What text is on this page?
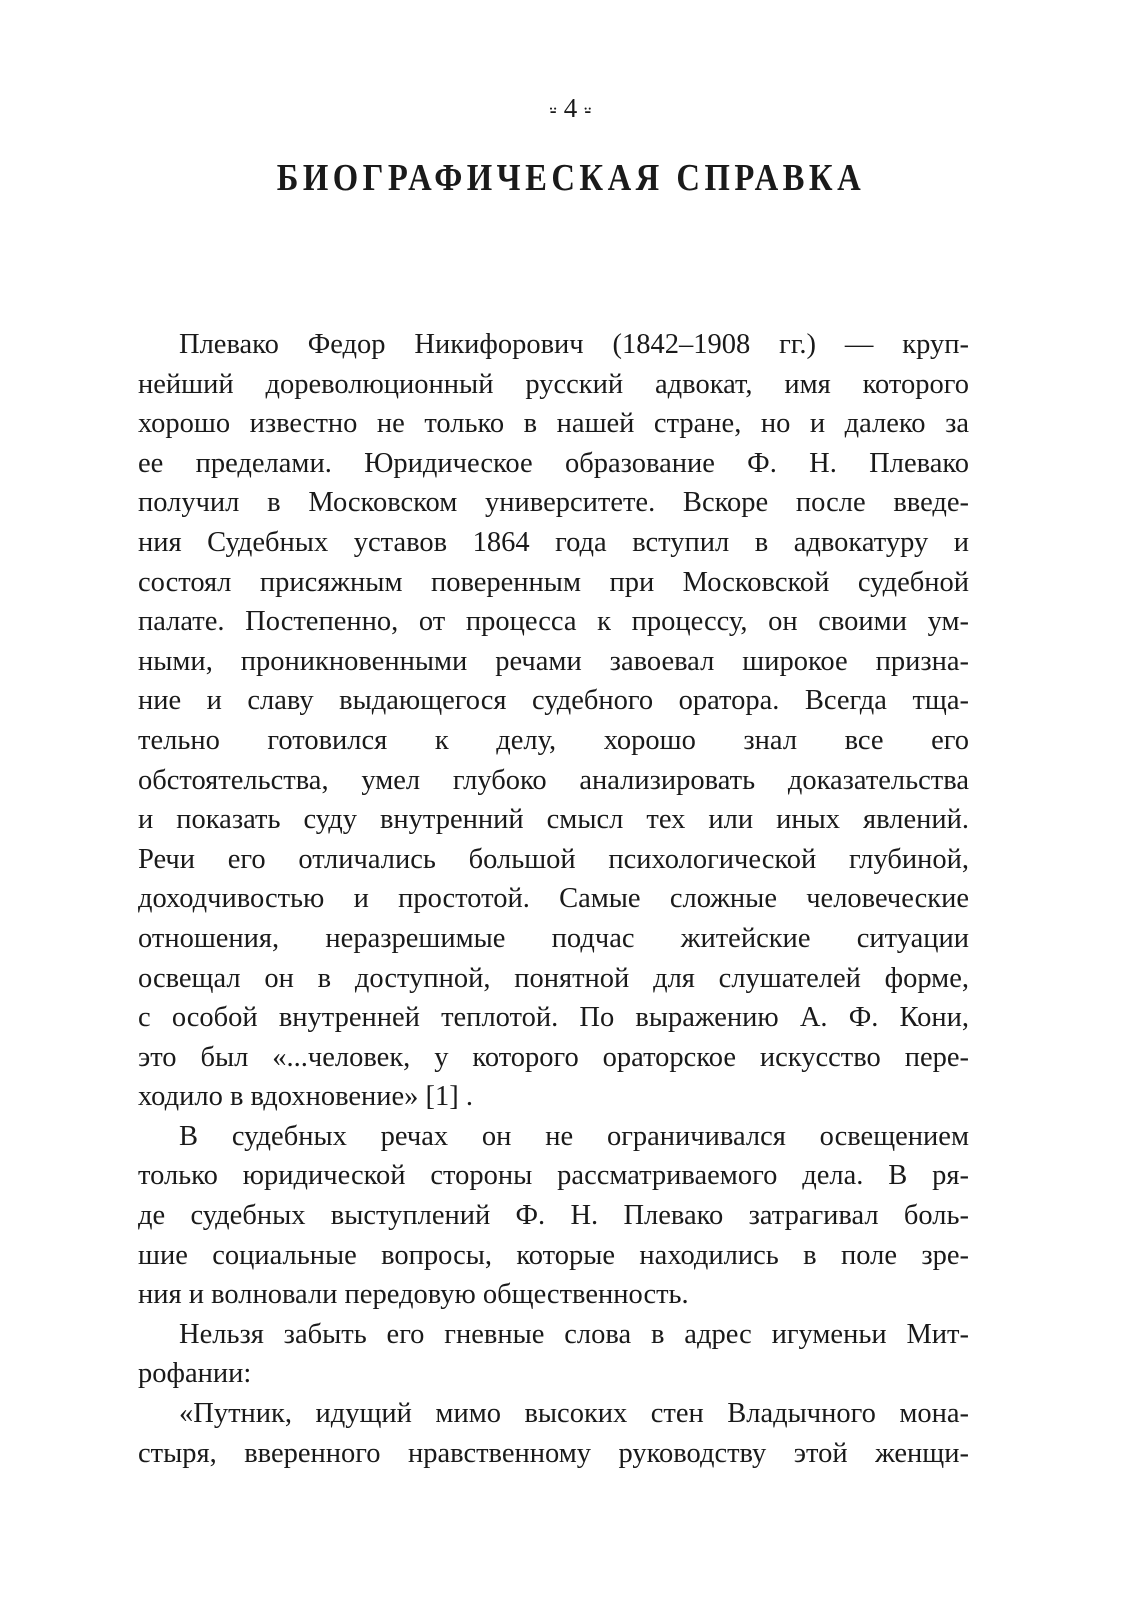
⸚ 4 ⸚
БИОГРАФИЧЕСКАЯ СПРАВКА
Плевако Федор Никифорович (1842–1908 гг.) — круп-
нейший дореволюционный русский адвокат, имя которого
хорошо известно не только в нашей стране, но и далеко за
ее пределами. Юридическое образование Ф. Н. Плевако
получил в Московском университете. Вскоре после введе-
ния Судебных уставов 1864 года вступил в адвокатуру и
состоял присяжным поверенным при Московской судебной
палате. Постепенно, от процесса к процессу, он своими ум-
ными, проникновенными речами завоевал широкое призна-
ние и славу выдающегося судебного оратора. Всегда тща-
тельно готовился к делу, хорошо знал все его
обстоятельства, умел глубоко анализировать доказательства
и показать суду внутренний смысл тех или иных явлений.
Речи его отличались большой психологической глубиной,
доходчивостью и простотой. Самые сложные человеческие
отношения, неразрешимые подчас житейские ситуации
освещал он в доступной, понятной для слушателей форме,
с особой внутренней теплотой. По выражению А. Ф. Кони,
это был «...человек, у которого ораторское искусство пере-
ходило в вдохновение» [1] .
В судебных речах он не ограничивался освещением
только юридической стороны рассматриваемого дела. В ря-
де судебных выступлений Ф. Н. Плевако затрагивал боль-
шие социальные вопросы, которые находились в поле зре-
ния и волновали передовую общественность.
Нельзя забыть его гневные слова в адрес игуменьи Мит-
рофании:
«Путник, идущий мимо высоких стен Владычного мона-
стыря, вверенного нравственному руководству этой женщи-
